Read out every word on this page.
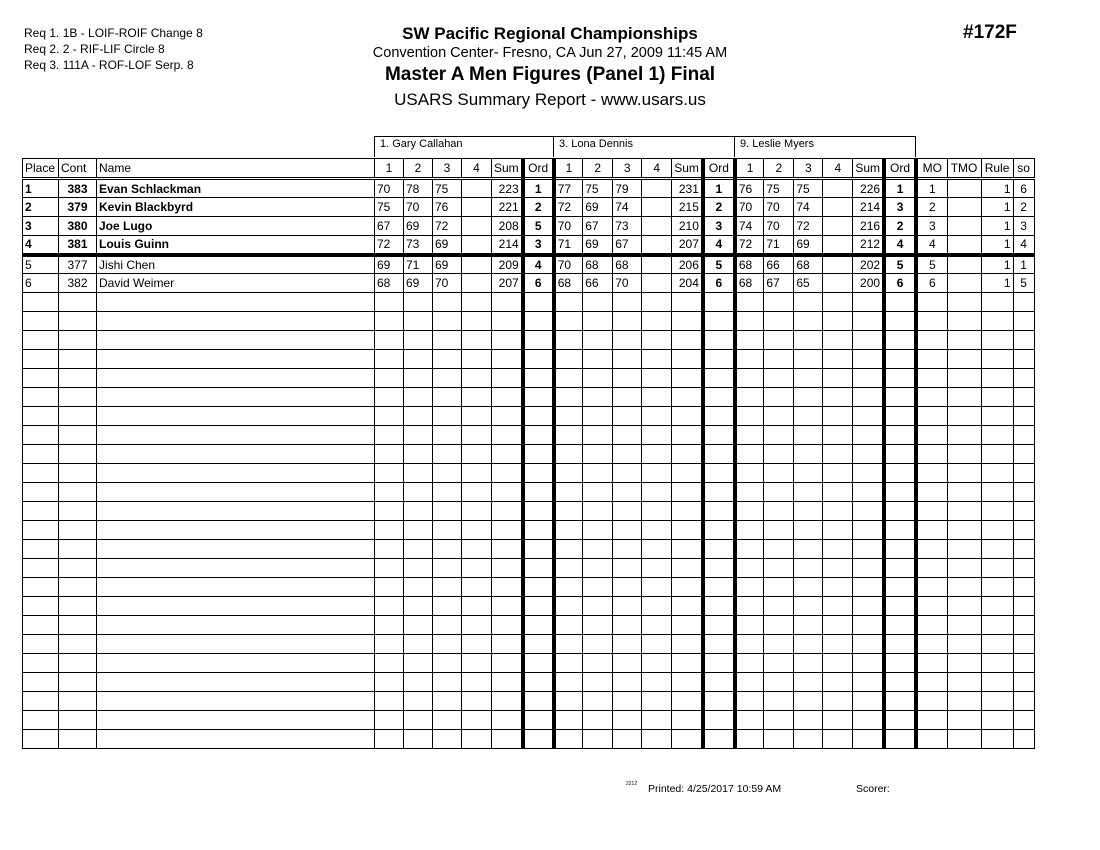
Req 1. 1B - LOIF-ROIF Change 8
Req 2. 2 - RIF-LIF Circle 8
Req 3. 111A - ROF-LOF Serp. 8
SW Pacific Regional Championships
Convention Center- Fresno, CA Jun 27, 2009 11:45 AM
Master A Men Figures (Panel 1) Final
USARS Summary Report - www.usars.us
#172F
1. Gary Callahan	3. Lona Dennis	9. Leslie Myers
Place	Cont	Name	1	2	3	4	Sum	Ord	1	2	3	4	Sum	Ord	1	2	3	4	Sum	Ord	MO	TMO	Rule	so
1	383	Evan Schlackman	70	78	75		223	1	77	75	79		231	1	76	75	75		226	1	1		1	6
2	379	Kevin Blackbyrd	75	70	76		221	2	72	69	74		215	2	70	70	74		214	3	2		1	2
3	380	Joe Lugo	67	69	72		208	5	70	67	73		210	3	74	70	72		216	2	3		1	3
4	381	Louis Guinn	72	73	69		214	3	71	69	67		207	4	72	71	69		212	4	4		1	4
5	377	Jishi Chen	69	71	69		209	4	70	68	68		206	5	68	66	68		202	5	5		1	1
6	382	David Weimer	68	69	70		207	6	68	66	70		204	6	68	67	65		200	6	6		1	5

2212 Printed: 4/25/2017 10:59 AM	Scorer:
